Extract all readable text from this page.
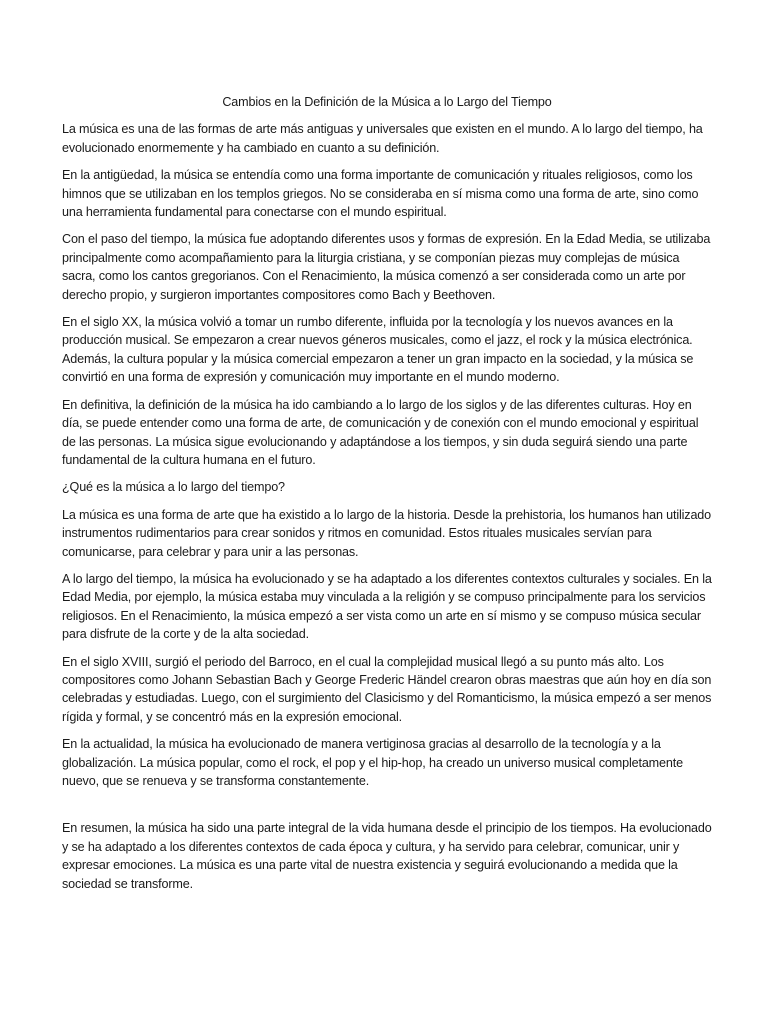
Cambios en la Definición de la Música a lo Largo del Tiempo

La música es una de las formas de arte más antiguas y universales que existen en el mundo. A lo largo del tiempo, ha evolucionado enormemente y ha cambiado en cuanto a su definición.

En la antigüedad, la música se entendía como una forma importante de comunicación y rituales religiosos, como los himnos que se utilizaban en los templos griegos. No se consideraba en sí misma como una forma de arte, sino como una herramienta fundamental para conectarse con el mundo espiritual.

Con el paso del tiempo, la música fue adoptando diferentes usos y formas de expresión. En la Edad Media, se utilizaba principalmente como acompañamiento para la liturgia cristiana, y se componían piezas muy complejas de música sacra, como los cantos gregorianos. Con el Renacimiento, la música comenzó a ser considerada como un arte por derecho propio, y surgieron importantes compositores como Bach y Beethoven.

En el siglo XX, la música volvió a tomar un rumbo diferente, influida por la tecnología y los nuevos avances en la producción musical. Se empezaron a crear nuevos géneros musicales, como el jazz, el rock y la música electrónica. Además, la cultura popular y la música comercial empezaron a tener un gran impacto en la sociedad, y la música se convirtió en una forma de expresión y comunicación muy importante en el mundo moderno.

En definitiva, la definición de la música ha ido cambiando a lo largo de los siglos y de las diferentes culturas. Hoy en día, se puede entender como una forma de arte, de comunicación y de conexión con el mundo emocional y espiritual de las personas. La música sigue evolucionando y adaptándose a los tiempos, y sin duda seguirá siendo una parte fundamental de la cultura humana en el futuro.

¿Qué es la música a lo largo del tiempo?

La música es una forma de arte que ha existido a lo largo de la historia. Desde la prehistoria, los humanos han utilizado instrumentos rudimentarios para crear sonidos y ritmos en comunidad. Estos rituales musicales servían para comunicarse, para celebrar y para unir a las personas.

A lo largo del tiempo, la música ha evolucionado y se ha adaptado a los diferentes contextos culturales y sociales. En la Edad Media, por ejemplo, la música estaba muy vinculada a la religión y se compuso principalmente para los servicios religiosos. En el Renacimiento, la música empezó a ser vista como un arte en sí mismo y se compuso música secular para disfrute de la corte y de la alta sociedad.

En el siglo XVIII, surgió el periodo del Barroco, en el cual la complejidad musical llegó a su punto más alto. Los compositores como Johann Sebastian Bach y George Frederic Händel crearon obras maestras que aún hoy en día son celebradas y estudiadas. Luego, con el surgimiento del Clasicismo y del Romanticismo, la música empezó a ser menos rígida y formal, y se concentró más en la expresión emocional.

En la actualidad, la música ha evolucionado de manera vertiginosa gracias al desarrollo de la tecnología y a la globalización. La música popular, como el rock, el pop y el hip-hop, ha creado un universo musical completamente nuevo, que se renueva y se transforma constantemente.

En resumen, la música ha sido una parte integral de la vida humana desde el principio de los tiempos. Ha evolucionado y se ha adaptado a los diferentes contextos de cada época y cultura, y ha servido para celebrar, comunicar, unir y expresar emociones. La música es una parte vital de nuestra existencia y seguirá evolucionando a medida que la sociedad se transforme.
